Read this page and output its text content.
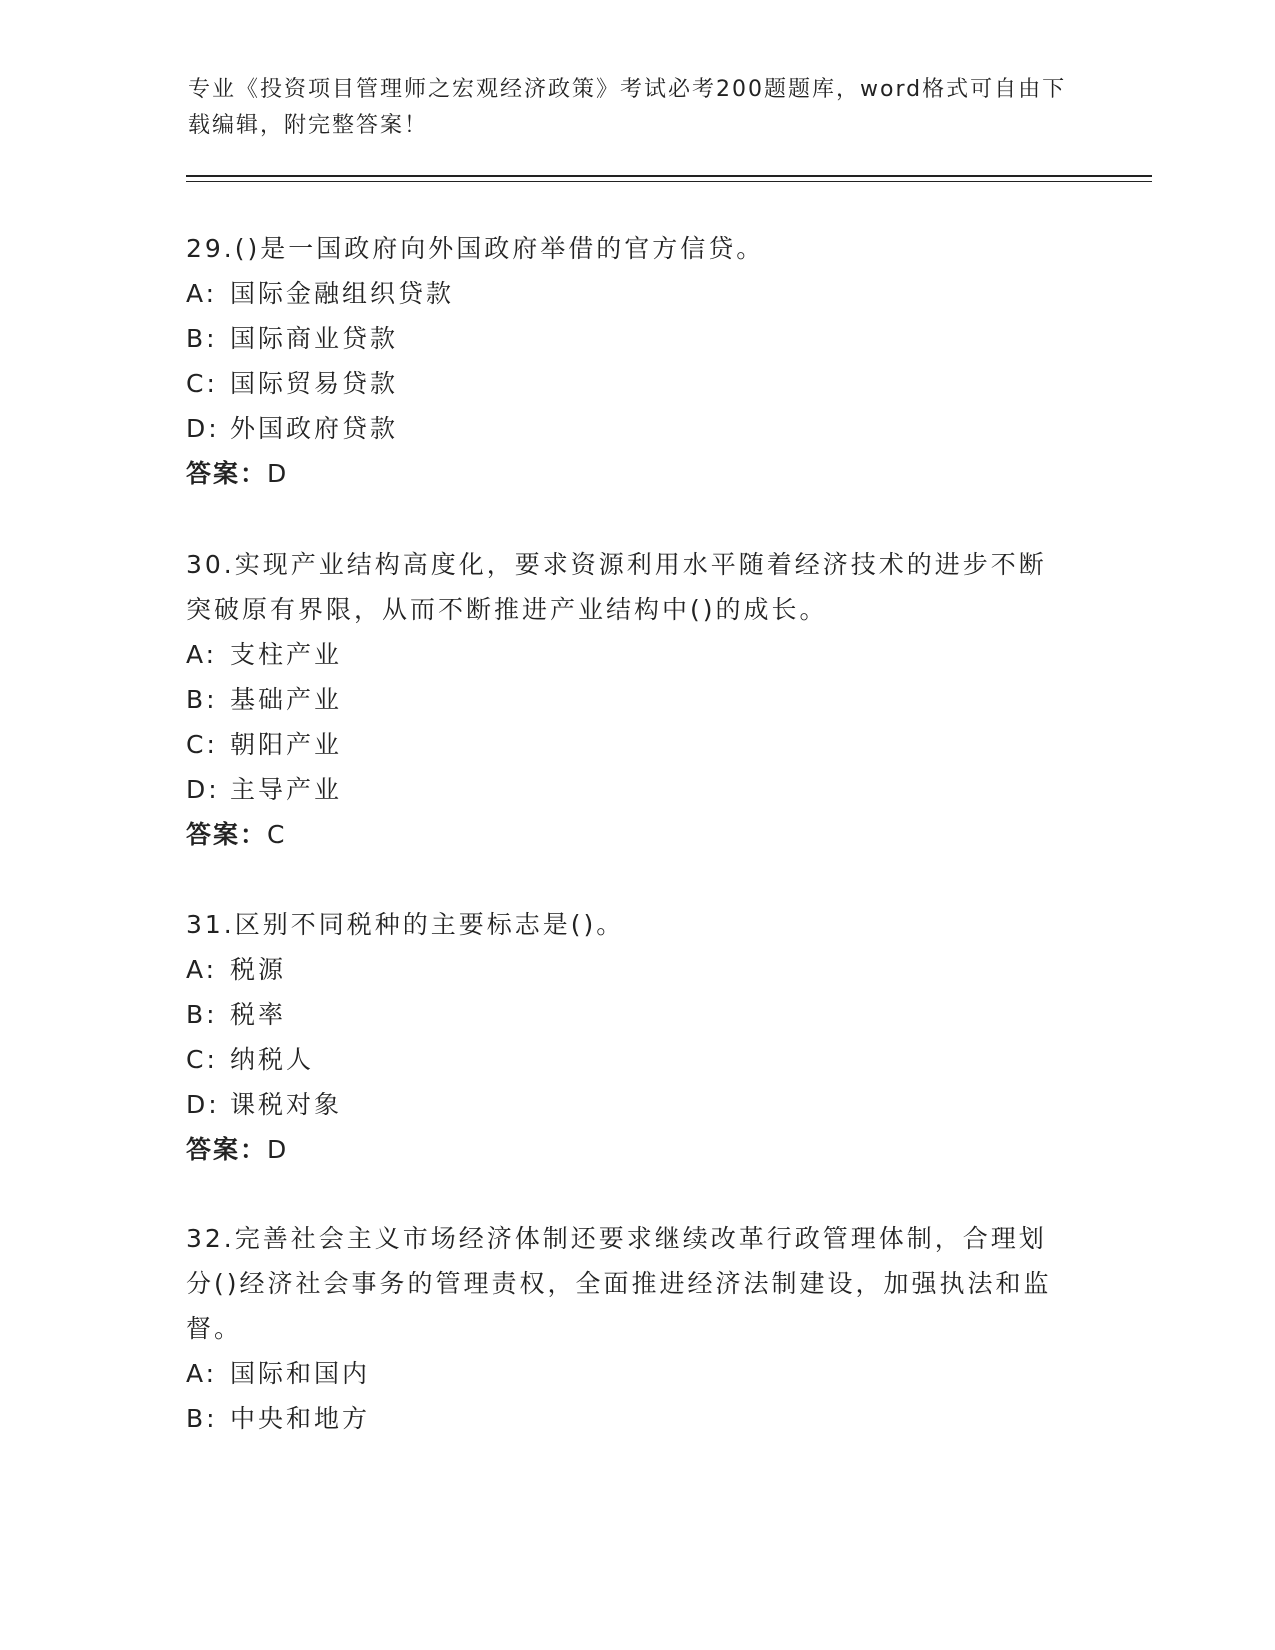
专业《投资项目管理师之宏观经济政策》考试必考200题题库，word格式可自由下载编辑，附完整答案！
29.()是一国政府向外国政府举借的官方信贷。
A: 国际金融组织贷款
B: 国际商业贷款
C: 国际贸易贷款
D: 外国政府贷款
答案：D
30.实现产业结构高度化，要求资源利用水平随着经济技术的进步不断突破原有界限，从而不断推进产业结构中()的成长。
A: 支柱产业
B: 基础产业
C: 朝阳产业
D: 主导产业
答案：C
31.区别不同税种的主要标志是()。
A: 税源
B: 税率
C: 纳税人
D: 课税对象
答案：D
32.完善社会主义市场经济体制还要求继续改革行政管理体制，合理划分()经济社会事务的管理责权，全面推进经济法制建设，加强执法和监督。
A: 国际和国内
B: 中央和地方
